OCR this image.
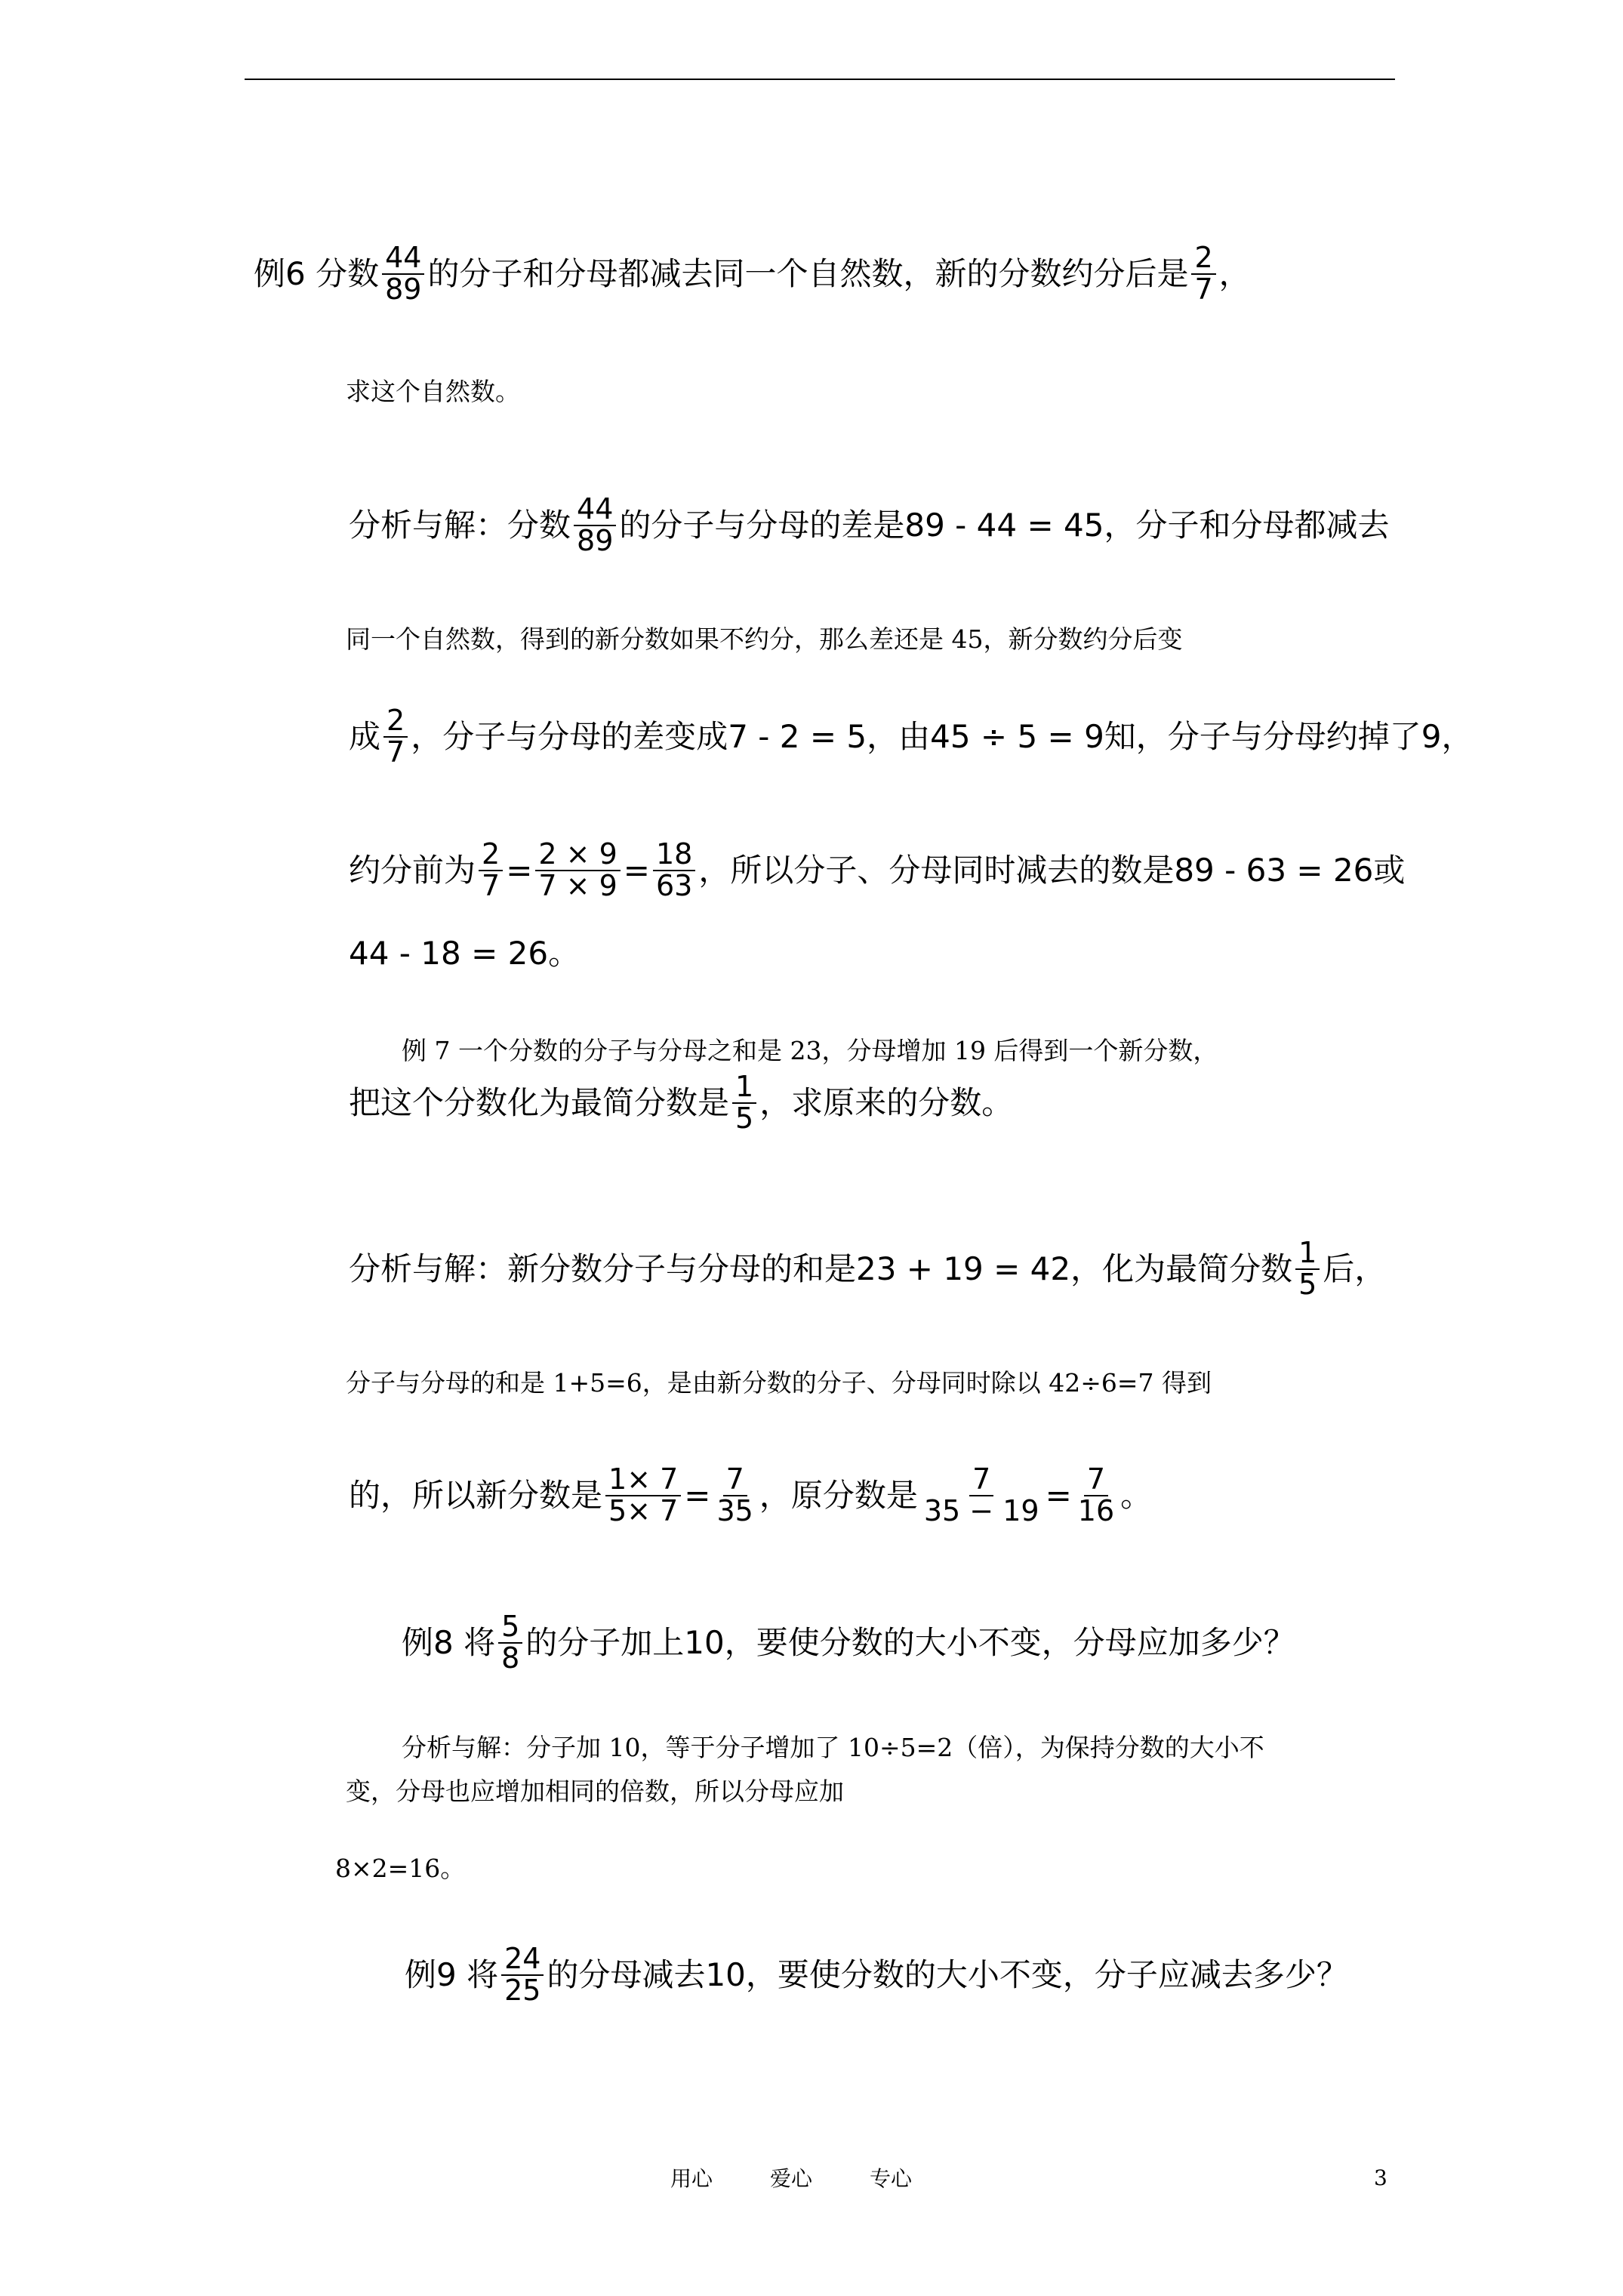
例6 分数 $\frac{44}{89}$ 的分子和分母都减去同一个自然数，新的分数约分后是 $\frac{2}{7}$ ，
求这个自然数。
分析与解：分数 $\frac{44}{89}$ 的分子与分母的差是89 - 44 = 45，分子和分母都减去
同一个自然数，得到的新分数如果不约分，那么差还是 45，新分数约分后变
成 $\frac{2}{7}$ ，分子与分母的差变成7 - 2 = 5，由45 ÷ 5 = 9知，分子与分母约掉了9，
约分前为 $\frac{2}{7} = \frac{2 \times 9}{7 \times 9} = \frac{18}{63}$ ，所以分子、分母同时减去的数是89 - 63 = 26或
44 - 18 = 26。
例 7 一个分数的分子与分母之和是 23，分母增加 19 后得到一个新分数，
把这个分数化为最简分数是 $\frac{1}{5}$ ，求原来的分数。
分析与解：新分数分子与分母的和是23 + 19 = 42，化为最简分数 $\frac{1}{5}$ 后，
分子与分母的和是 1+5=6，是由新分数的分子、分母同时除以 42÷6=7 得到
的，所以新分数是 $\frac{1\times 7}{5\times 7} = \frac{7}{35}$ ，原分数是 $\frac{7}{35 - 19} = \frac{7}{16}$ 。
例8 将 $\frac{5}{8}$ 的分子加上10，要使分数的大小不变，分母应加多少？
分析与解：分子加 10，等于分子增加了 10÷5=2（倍），为保持分数的大小不
变，分母也应增加相同的倍数，所以分母应加
8×2=16。
例9 将 $\frac{24}{25}$ 的分母减去10，要使分数的大小不变，分子应减去多少？
用心	爱心	专心	3
